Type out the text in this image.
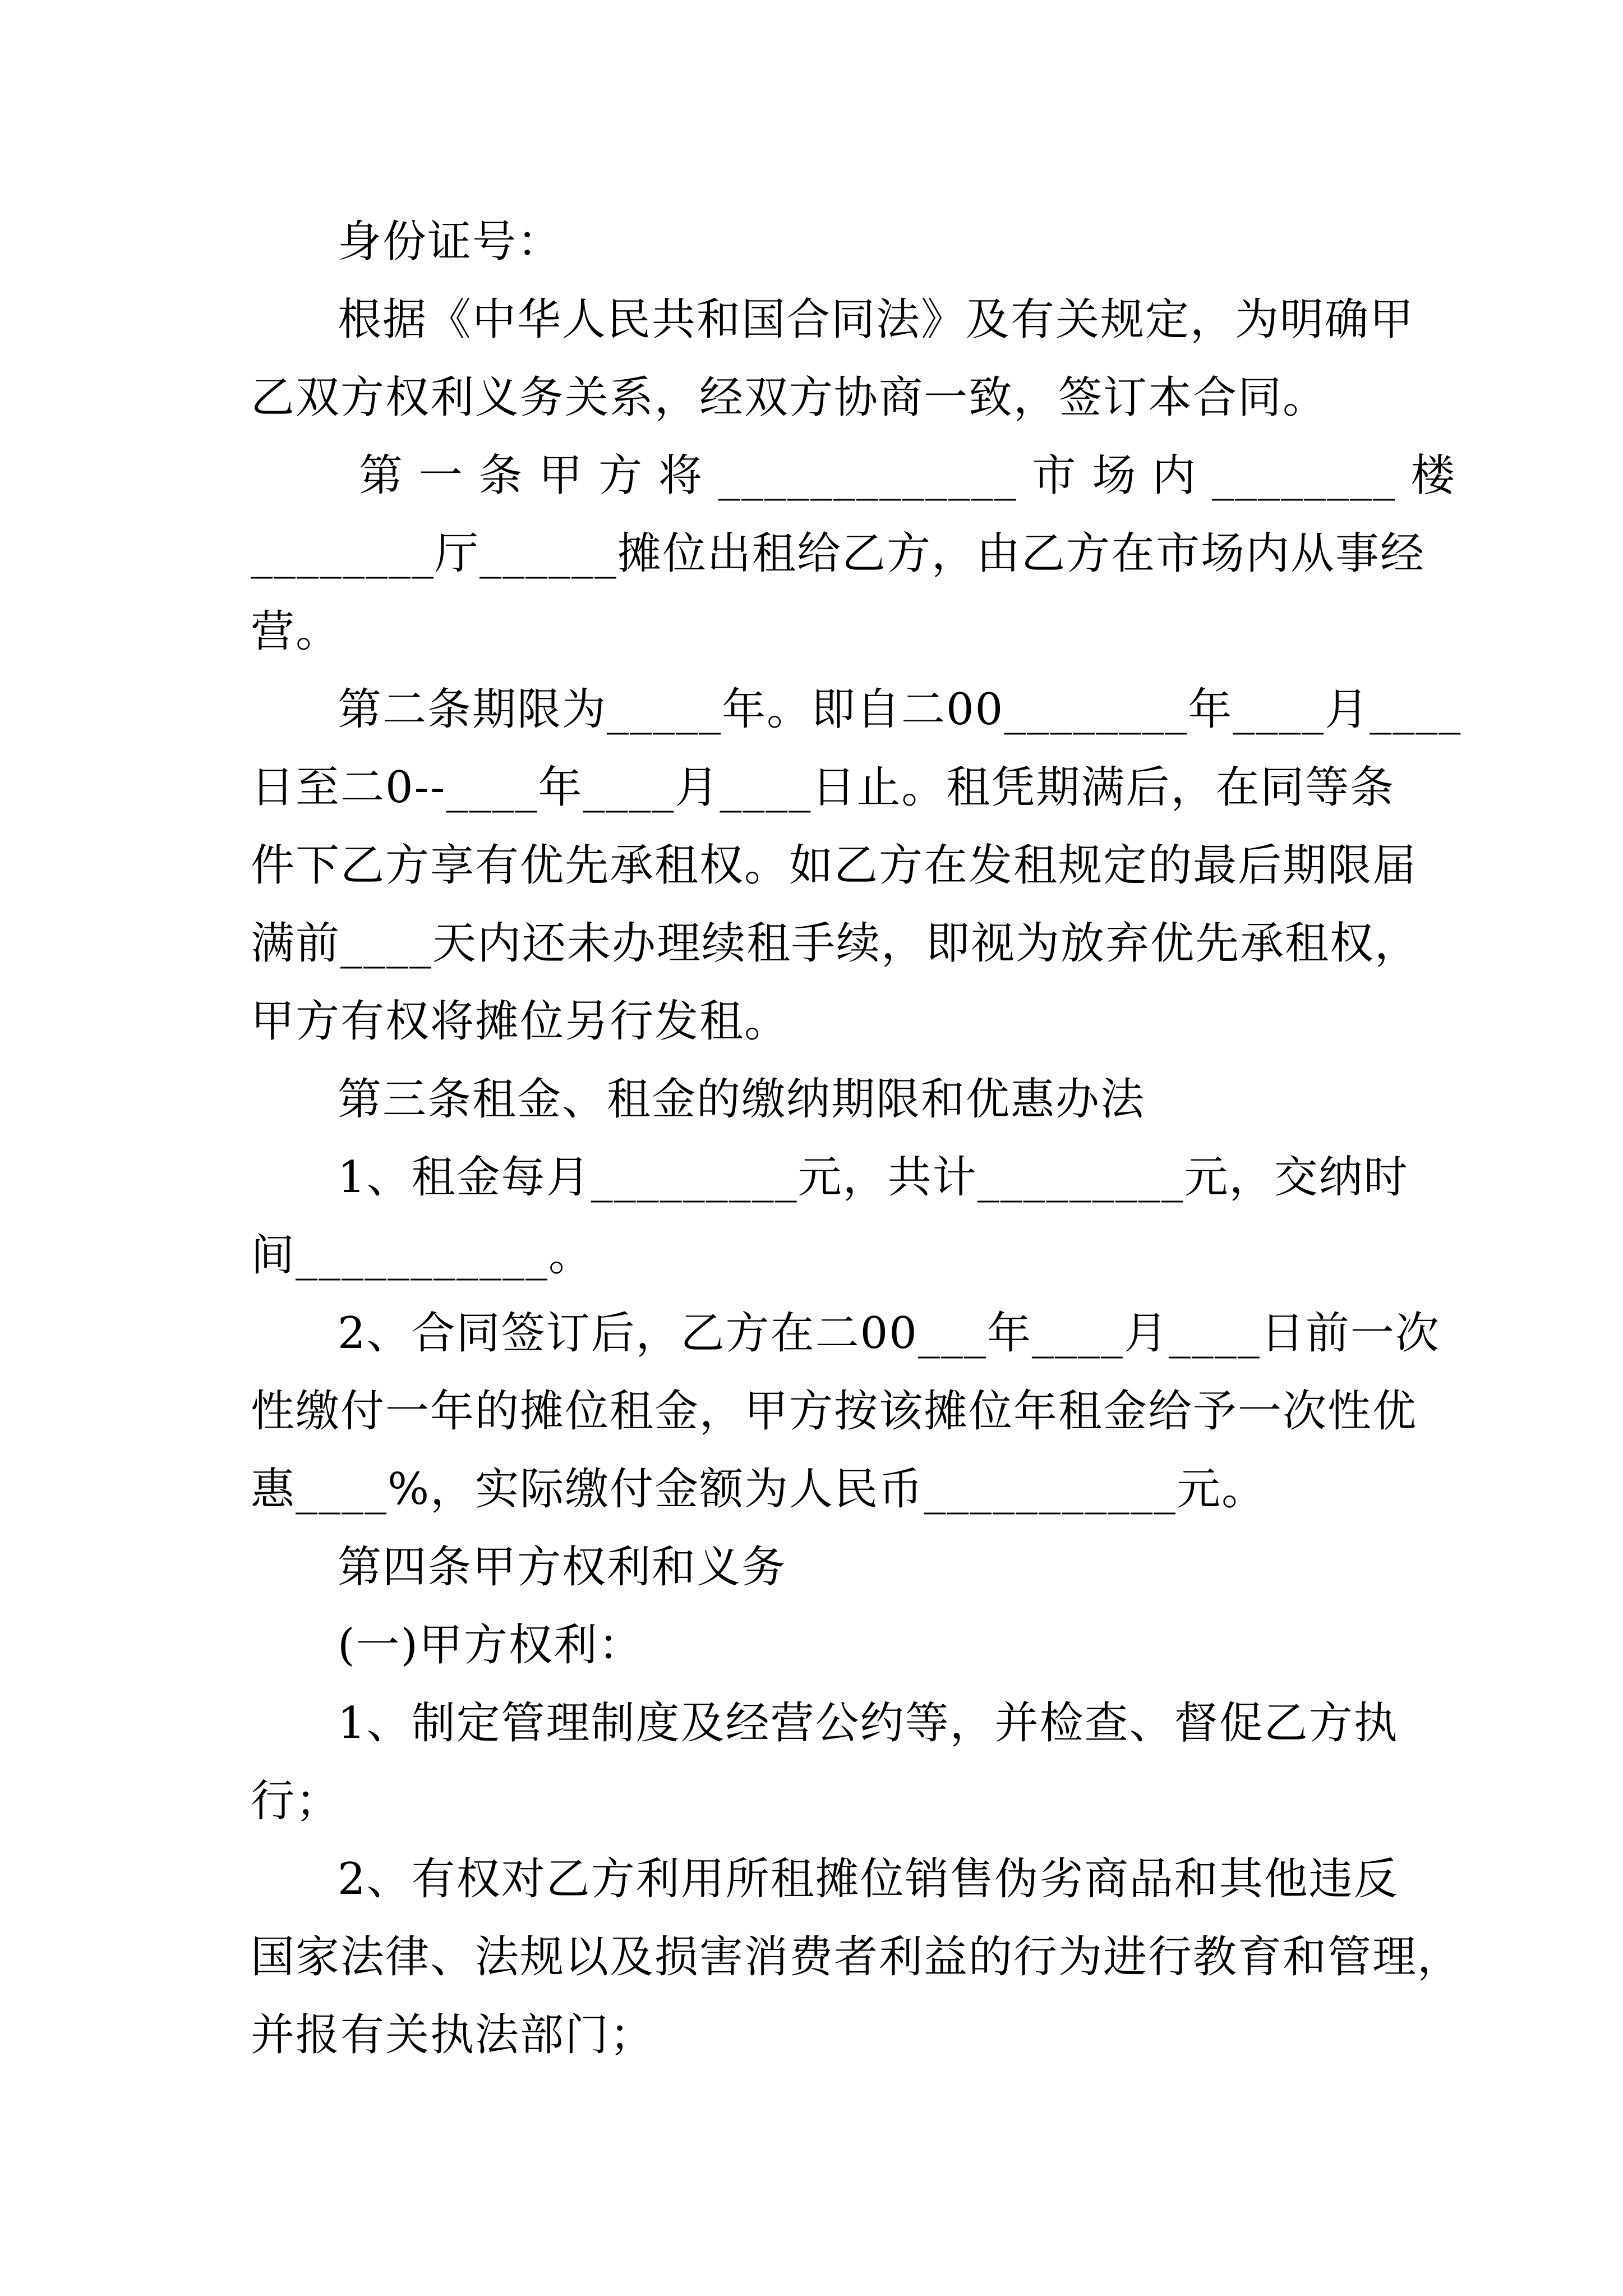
身份证号：
根据《中华人民共和国合同法》及有关规定，为明确甲
乙双方权利义务关系，经双方协商一致，签订本合同。
第 一 条 甲 方 将 _____________ 市 场 内 ________ 楼
________厅______摊位出租给乙方，由乙方在市场内从事经
营。
第二条期限为_____年。即自二00________年____月____
日至二0--____年____月____日止。租凭期满后，在同等条
件下乙方享有优先承租权。如乙方在发租规定的最后期限届
满前____天内还未办理续租手续，即视为放弃优先承租权，
甲方有权将摊位另行发租。
第三条租金、租金的缴纳期限和优惠办法
1、租金每月_________元，共计_________元，交纳时
间___________。
2、合同签订后，乙方在二00___年____月____日前一次
性缴付一年的摊位租金，甲方按该摊位年租金给予一次性优
惠____%，实际缴付金额为人民币___________元。
第四条甲方权利和义务
(一)甲方权利：
1、制定管理制度及经营公约等，并检查、督促乙方执
行；
2、有权对乙方利用所租摊位销售伪劣商品和其他违反
国家法律、法规以及损害消费者利益的行为进行教育和管理，
并报有关执法部门；
